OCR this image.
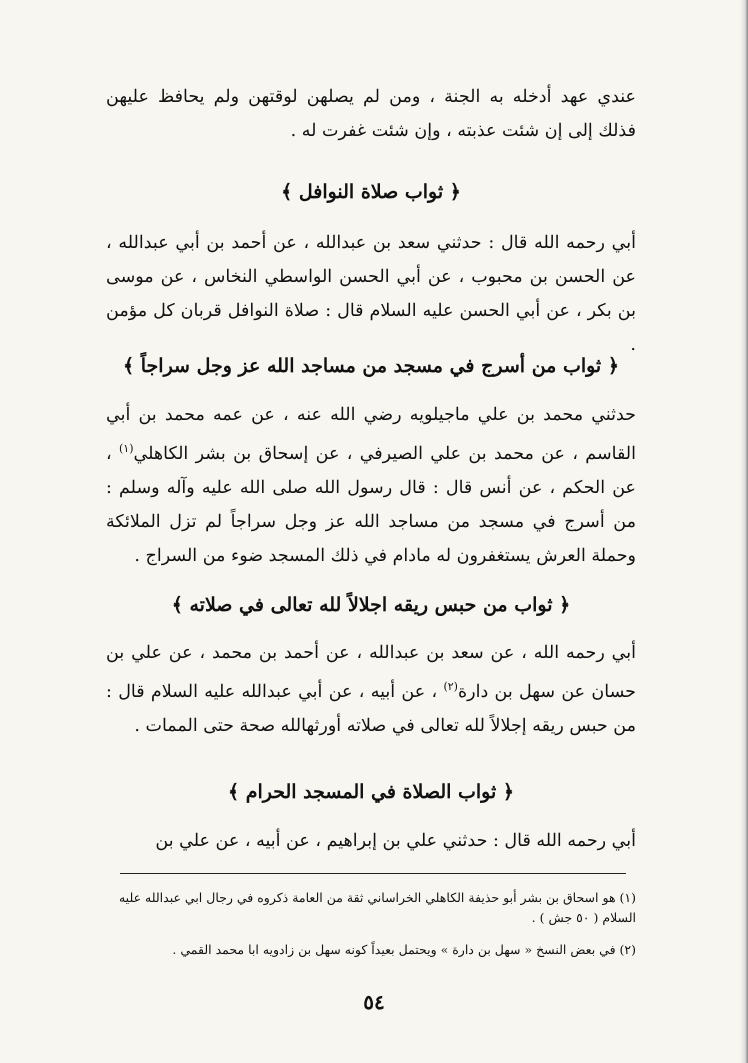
عندي عهد أدخله به الجنة ، ومن لم يصلهن لوقتهن ولم يحافظ عليهن فذلك إلى إن شئت عذبته ، وإن شئت غفرت له .
﴿ ثواب صلاة النوافل ﴾
أبي رحمه الله قال : حدثني سعد بن عبدالله ، عن أحمد بن أبي عبدالله ، عن الحسن بن محبوب ، عن أبي الحسن الواسطي النخاس ، عن موسى بن بكر ، عن أبي الحسن عليه السلام قال : صلاة النوافل قربان كل مؤمن .
﴿ ثواب من أسرج في مسجد من مساجد الله عز وجل سراجاً ﴾
حدثني محمد بن علي ماجيلويه رضي الله عنه ، عن عمه محمد بن أبي القاسم ، عن محمد بن علي الصيرفي ، عن إسحاق بن بشر الكاهلي$^{(١)}$ ، عن الحكم ، عن أنس قال : قال رسول الله صلى الله عليه وآله وسلم : من أسرج في مسجد من مساجد الله عز وجل سراجاً لم تزل الملائكة وحملة العرش يستغفرون له مادام في ذلك المسجد ضوء من السراج .
﴿ ثواب من حبس ريقه اجلالاً لله تعالى في صلاته ﴾
أبي رحمه الله ، عن سعد بن عبدالله ، عن أحمد بن محمد ، عن علي بن حسان عن سهل بن دارة$^{(٢)}$ ، عن أبيه ، عن أبي عبدالله عليه السلام قال : من حبس ريقه إجلالاً لله تعالى في صلاته أورثهالله صحة حتى الممات .
﴿ ثواب الصلاة في المسجد الحرام ﴾
أبي رحمه الله قال : حدثني علي بن إبراهيم ، عن أبيه ، عن علي بن
(١) هو اسحاق بن بشر أبو حذيفة الكاهلي الخراساني ثقة من العامة ذكروه في رجال ابي عبدالله عليه السلام ( ٥٠ جش ) .
(٢) في بعض النسخ « سهل بن دارة » ويحتمل بعيداً كونه سهل بن زادويه ابا محمد القمي .
٥٤
